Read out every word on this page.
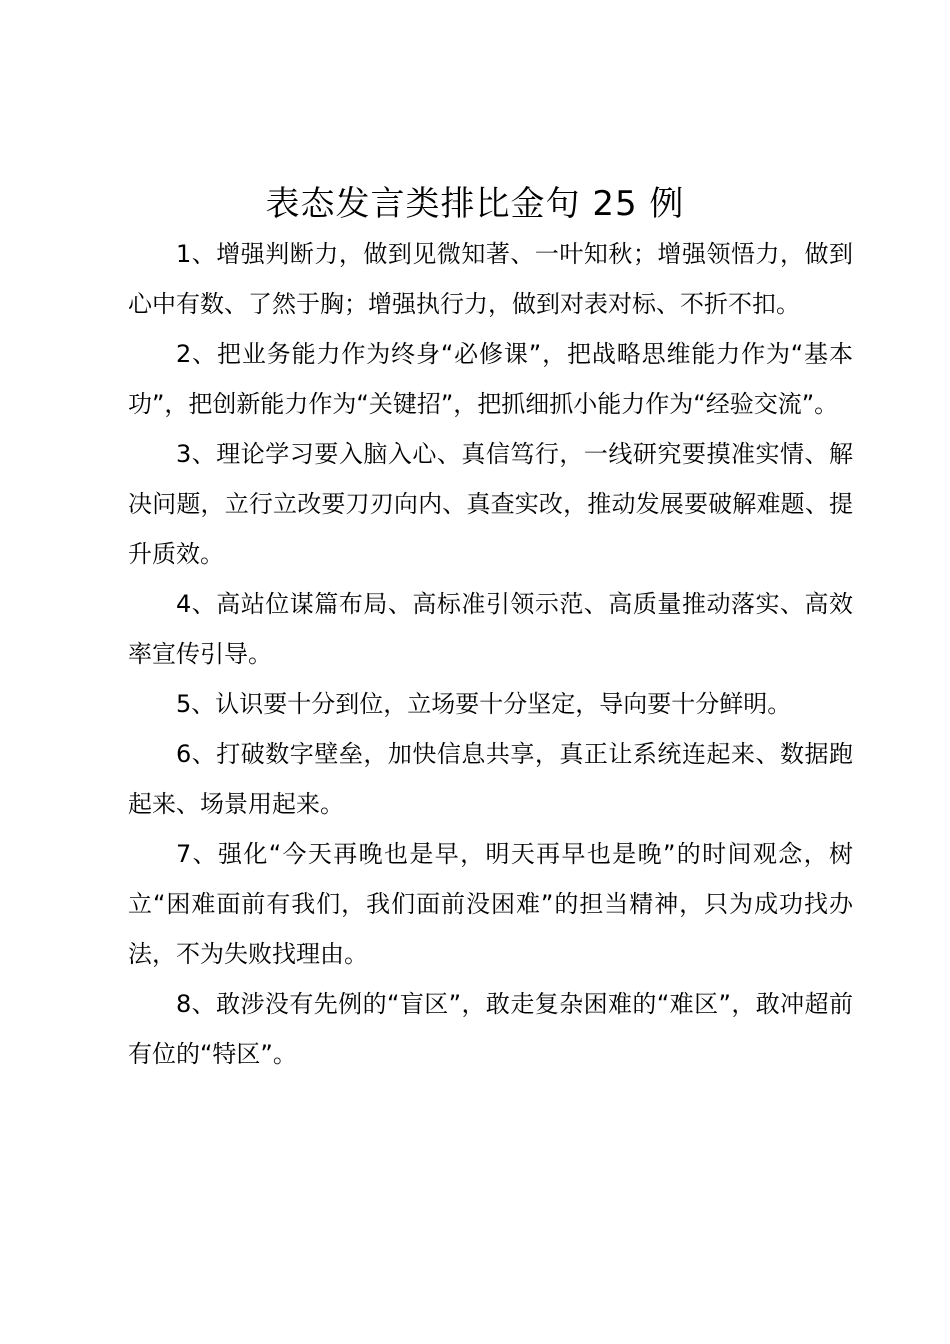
表态发言类排比金句 25 例

1、增强判断力，做到见微知著、一叶知秋；增强领悟力，做到心中有数、了然于胸；增强执行力，做到对表对标、不折不扣。

2、把业务能力作为终身“必修课”，把战略思维能力作为“基本功”，把创新能力作为“关键招”，把抓细抓小能力作为“经验交流”。

3、理论学习要入脑入心、真信笃行，一线研究要摸准实情、解决问题，立行立改要刀刃向内、真查实改，推动发展要破解难题、提升质效。

4、高站位谋篇布局、高标准引领示范、高质量推动落实、高效率宣传引导。

5、认识要十分到位，立场要十分坚定，导向要十分鲜明。

6、打破数字壁垒，加快信息共享，真正让系统连起来、数据跑起来、场景用起来。

7、强化“今天再晚也是早，明天再早也是晚”的时间观念，树立“困难面前有我们，我们面前没困难”的担当精神，只为成功找办法，不为失败找理由。

8、敢涉没有先例的“盲区”，敢走复杂困难的“难区”，敢冲超前有位的“特区”。
